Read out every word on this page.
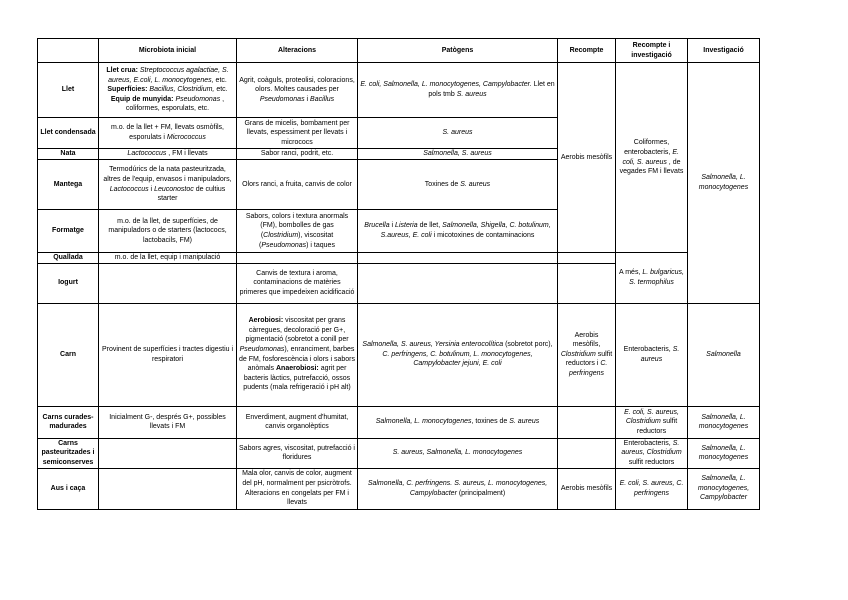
	Microbiota inicial	Alteracions	Patògens	Recompte	Recompte i investigació	Investigació
Llet	Llet crua: Streptococcus agalactiae, S. aureus, E.coli, L. monocytogenes, etc. Superfícies: Bacillus, Clostridium, etc. Equip de munyida: Pseudomonas , coliformes, esporulats, etc.	Agrit, coàguls, proteolisi, coloracions, olors. Moltes causades per Pseudomonas i Bacillus	E. coli, Salmonella, L. monocytogenes, Campylobacter. Llet en pols tmb S. aureus	Aerobis mesòfils	Coliformes, enterobacteris, E. coli, S. aureus , de vegades FM i llevats	Salmonella, L. monocytogenes
Llet condensada	m.o. de la llet + FM, llevats osmòfils, esporulats i Micrococcus	Grans de micelis, bombament per llevats, espessiment per llevats i micrococs	S. aureus			
Nata	Lactococcus , FM i llevats	Sabor ranci, podrit, etc.	Salmonella, S. aureus			
Mantega	Termodúrics de la nata pasteuritzada, altres de l'equip, envasos i manipuladors, Lactococcus i Leuconostoc de cultius starter	Olors ranci, a fruita, canvis de color	Toxines de S. aureus			
Formatge	m.o. de la llet, de superfícies, de manipuladors o de starters (lactococs, lactobacils, FM)	Sabors, colors i textura anormals (FM), bombolles de gas (Clostridium), viscositat (Pseudomonas) i taques	Brucella i Listeria de llet, Salmonella, Shigella, C. botulinum, S.aureus, E. coli i micotoxines de contaminacions			
Quallada	m.o. de la llet, equip i manipulació				A més, L. bulgaricus, S. termophilus	
Iogurt		Canvis de textura i aroma, contaminacions de matèries primeres que impedeixen acidificació				
Carn	Provinent de superfícies i tractes digestiu i respiratori	Aerobiosi: viscositat per grans càrregues, decoloració per G+, pigmentació (sobretot a conill per Pseudomonas), enranciment, barbes de FM, fosforescència i olors i sabors anòmals Anaerobiosi: agrit per bacteris làctics, putrefacció, ossos pudents (mala refrigeració i pH alt)	Salmonella, S. aureus, Yersinia enterocolítica (sobretot porc), C. perfringens, C. botulinum, L. monocytogenes, Campylobacter jejuni, E. coli	Aerobis mesòfils, Clostridium sulfit reductors i C. perfringens	Enterobacteris, S. aureus	Salmonella
Carns curades-madurades	Inicialment G-, després G+, possibles llevats i FM	Enverdiment, augment d'humitat, canvis organolèptics	Salmonella, L. monocytogenes, toxines de S. aureus		E. coli, S. aureus, Clostridium sulfit reductors	Salmonella, L. monocytogenes
Carns pasteuritzades i semiconserves		Sabors agres, viscositat, putrefacció i floridures	S. aureus, Salmonella, L. monocytogenes		Enterobacteris, S. aureus, Clostridium sulfit reductors	Salmonella, L. monocytogenes
Aus i caça		Mala olor, canvis de color, augment del pH, normalment per psicròtrofs. Alteracions en congelats per FM i llevats	Salmonella, C. perfringens. S. aureus, L. monocytogenes, Campylobacter (principalment)	Aerobis mesòfils	E. coli, S. aureus, C. perfringens	Salmonella, L. monocytogenes, Campylobacter
